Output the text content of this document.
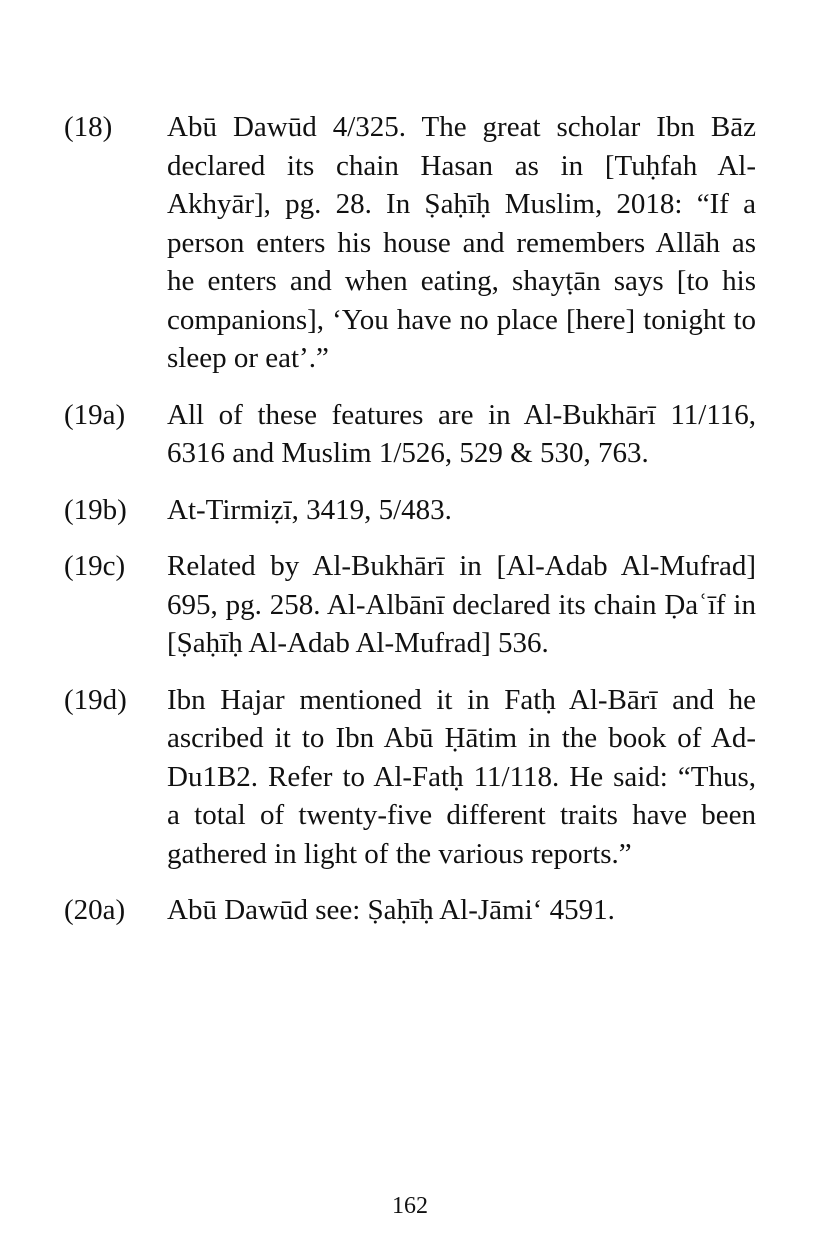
(18)	Abū Dawūd 4/325. The great scholar Ibn Bāz declared its chain Hasan as in [Tuḥfah Al-Akhyār], pg. 28. In Ṣaḥīḥ Muslim, 2018: “If a person enters his house and remembers Allāh as he enters and when eating, shayṭān says [to his companions], ‘You have no place [here] tonight to sleep or eat’.”
(19a)	All of these features are in Al-Bukhārī 11/116, 6316 and Muslim 1/526, 529 & 530, 763.
(19b)	At-Tirmiẓī, 3419, 5/483.
(19c)	Related by Al-Bukhārī in [Al-Adab Al-Mufrad] 695, pg. 258. Al-Albānī declared its chain Ḍaʿīf in [Ṣaḥīḥ Al-Adab Al-Mufrad] 536.
(19d)	Ibn Hajar mentioned it in Fatḥ Al-Bārī and he ascribed it to Ibn Abū Ḥātim in the book of Ad-Du1B2. Refer to Al-Fatḥ 11/118. He said: “Thus, a total of twenty-five different traits have been gathered in light of the various reports.”
(20a)	Abū Dawūd see: Ṣaḥīḥ Al-Jāmi‘ 4591.
162
